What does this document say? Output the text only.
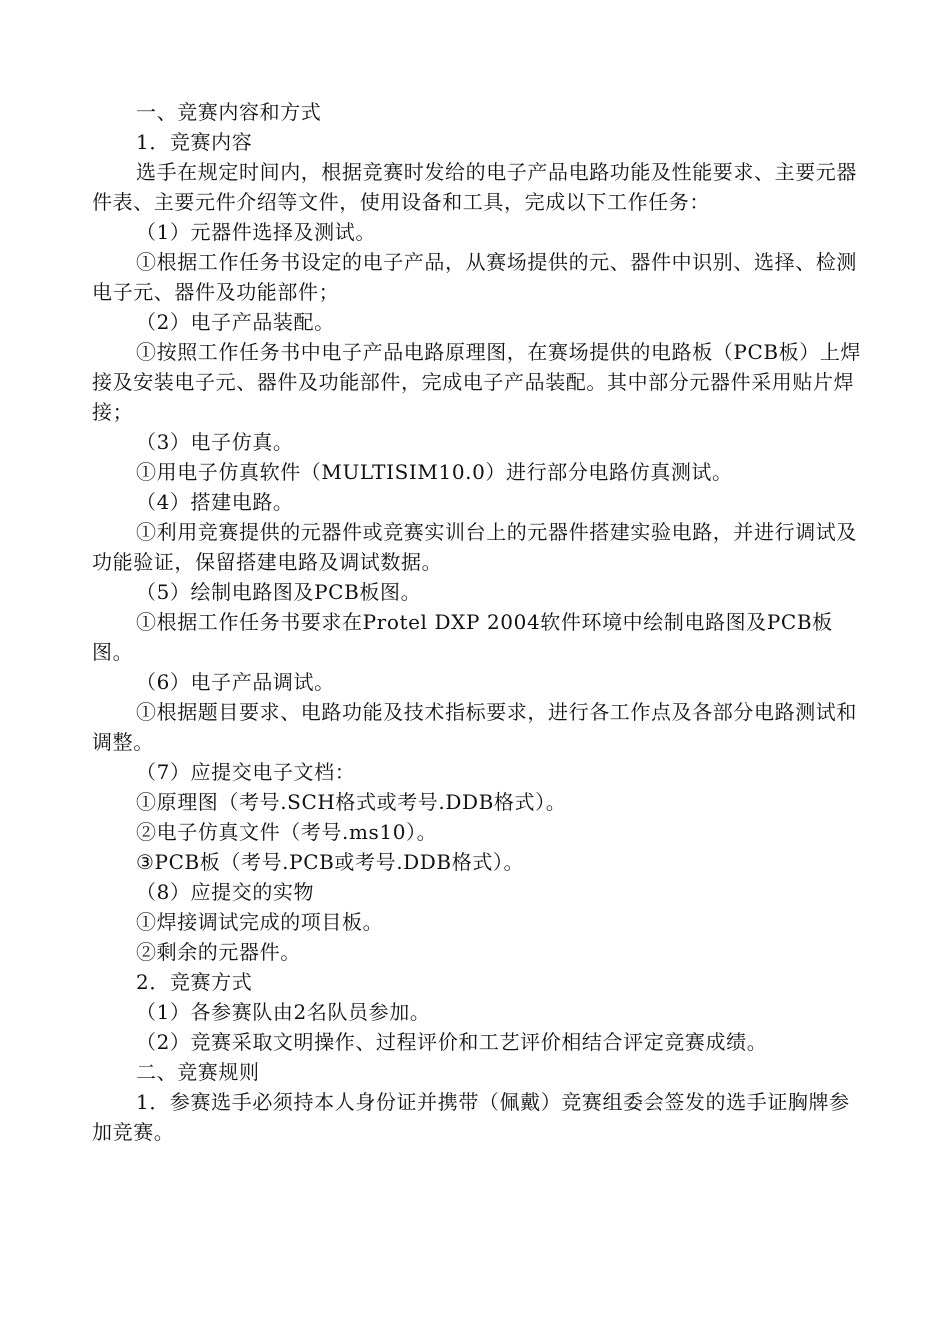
一、竞赛内容和方式

1．竞赛内容

选手在规定时间内，根据竞赛时发给的电子产品电路功能及性能要求、主要元器件表、主要元件介绍等文件，使用设备和工具，完成以下工作任务：

（1）元器件选择及测试。

①根据工作任务书设定的电子产品，从赛场提供的元、器件中识别、选择、检测电子元、器件及功能部件；

（2）电子产品装配。

①按照工作任务书中电子产品电路原理图，在赛场提供的电路板（PCB板）上焊接及安装电子元、器件及功能部件，完成电子产品装配。其中部分元器件采用贴片焊接；

（3）电子仿真。

①用电子仿真软件（MULTISIM10.0）进行部分电路仿真测试。

（4）搭建电路。

①利用竞赛提供的元器件或竞赛实训台上的元器件搭建实验电路，并进行调试及功能验证，保留搭建电路及调试数据。

（5）绘制电路图及PCB板图。

①根据工作任务书要求在Protel DXP 2004软件环境中绘制电路图及PCB板图。

（6）电子产品调试。

①根据题目要求、电路功能及技术指标要求，进行各工作点及各部分电路测试和调整。

（7）应提交电子文档：

①原理图（考号.SCH格式或考号.DDB格式）。

②电子仿真文件（考号.ms10）。

③PCB板（考号.PCB或考号.DDB格式）。

（8）应提交的实物

①焊接调试完成的项目板。

②剩余的元器件。

2．竞赛方式

（1）各参赛队由2名队员参加。

（2）竞赛采取文明操作、过程评价和工艺评价相结合评定竞赛成绩。

二、竞赛规则

1．参赛选手必须持本人身份证并携带（佩戴）竞赛组委会签发的选手证胸牌参加竞赛。
